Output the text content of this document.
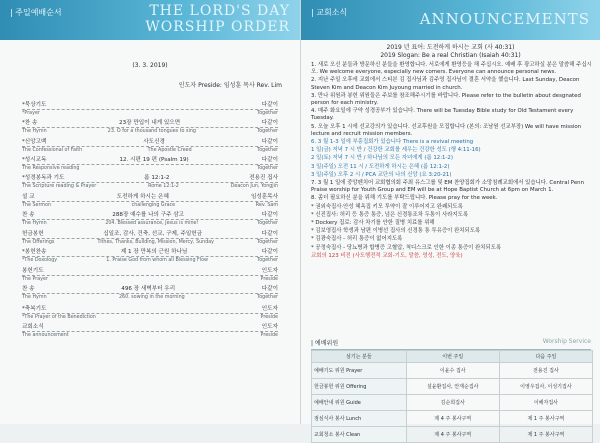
| 주일예배순서	THE LORD'S DAY
WORSHIP ORDER
(3. 3. 2019)
인도자 Preside: 임성훈 목사 Rev. Lim
*묵상기도	다같이
*Prayer	Together
*찬 송	23장 만입이 내게 있으면	다같이
The Hymn	23. O for a thousand tongues to sing	Together
*신앙고백	사도신경	다같이
The Confessional of Faith	The Apostle Creed	Together
*성시교독	12. 시편 19 편 (Psalm 19)	다같이
The Responsive reading	Together
*성경봉독과 기도	롬 12:1-2	전용진 집사
The Scripture reading & Prayer	Rome 12:1-2	Deacon Jun, Yongjin
설 교	도전하게 하시는 은혜	임성훈목사
The Sermon	challenging Grace	Rev. Sam
찬 송	288장 예수를 나의 구주 삼고	다같이
The Hymn	204. Blessed assurance, Jesus is mine!	Together
헌금봉헌	십일조, 감사, 건축, 선교, 구제, 주일헌금	다같이
The Offerings	Tithes, Thanks, Building, Mission, Mercy, Sunday	Together
*봉헌찬송	제 1 장 만복의 근원 하나님	다같이
*The Doxology	1. Praise God from whom all Blessing Flow	Together
봉헌기도	인도자
The Prayer	Preside
찬 송	496 장 새벽부터 우리	다같이
The Hymn	260. sowing in the morning	Together
*축복기도	인도자
*The Prayer of the Benediction	Preside
교회소식	인도자
The announcement	Preside
| 교회소식	ANNOUNCEMENTS
2019 년 표어: 도전하게 하시는 교회 (사 40:31)
2019 Slogan: Be a real Christian (Isaiah 40:31)

1. 새로 오신 분들과 방문하신 분들을 환영합니다. 서로에게 환영등을 해 주십시오. 예배 후 광고하실 분은 말씀해 주십시오. We welcome everyone, especially new comers. Everyone can announce personal news.

2. 지난 주일 오후에 교회에서 스티븐 김 집사님과 김주영 집사님이 결혼 서약을 했습니다. Last Sunday, Deacon Steven Kim and Deacon Kim Juyoung married in church.

3. 만나 위원과 봉헌 위원들은 주보를 참조해주시기를 바랍니다. Please refer to the bulletin about desgnated person for each ministry.

4. 매주 화요일에 구약 성경공부가 있습니다. There will be Tuesday Bible study for Old Testament every Tuesday.

5. 오늘 오후 1 시에 선교강의가 있습니다. 선교후원을 모집합니다 (본의: 조남원 선교부장) We will have mission lecture and recruit mission members.

6. 3 월 1-3 일에 부흥집회가 있습니다 There is a revival meeting

1 일(금) 저녁 7 시 반 / 건강한 교회를 세우는 건강한 성도 (행 4:11-16)

2 일(토) 저녁 7 시 반 / 하나님의 모든 자녀에게 (롬 12:1-2)

3 일(주일) 오전 11 시 / 도전하게 하시는 은혜 (롬 12:1-2)

3 일(주일) 오후 2 시 / PCA 교단의 나의 신앙 (요 3:20-21)

7. 3 월 1 일에 중앙펜치어 교회협의회 주최 유스그룹 및 EM 찬양집회가 소망침례교회에서 있습니다. Central Penn Praise worship for Youth Group and EM will be at Hope Baptist Church at 6pm on March 1.

8. 좀더 필요하신 분을 위해 기도를 부탁드립니다. Please pray for the week.

* 권외숙집사·안성 혜옥집 키모 투약이 잘 이루어지고 완쾌되도록

* 신진집사: 허리 등 통증 통증, 넘은 신경통조차 두통이 사라지도록

* Dockery 집로: 감사 차기를 안한 질병 치료를 위해

* 김보영집사 학생과 남편 이병선 집사의 신경통 통 투유증이 완치되도록

* 김광숙집사 - 허리 통증이 없어지도록

* 공정숙집사 - 당뇨병과 합병증 고혈압, 척디스크로 인한 이종 통증이 완치되도록

교회의 123 비전 (사도행전적 교회-기도, 말씀, 영성, 전도, 양육)

| 예배위원	Worship Service
섬기는 분들	이번 주일	다음 주일
예배기도 위원 Prayer	이윤수 집사	전용진 집사
헌금봉헌 위원 Offering	설윤환집사, 안재순집사	이영우집사, 이성기집사
예배안내 위원 Guide	김순희집사	이해자집사
점심식사 봉사 Lunch	제 4 주 봉사구역	제 1 주 봉사구역
교회청소 봉사 Clean	제 4 주 봉사구역	제 1 주 봉사구역
